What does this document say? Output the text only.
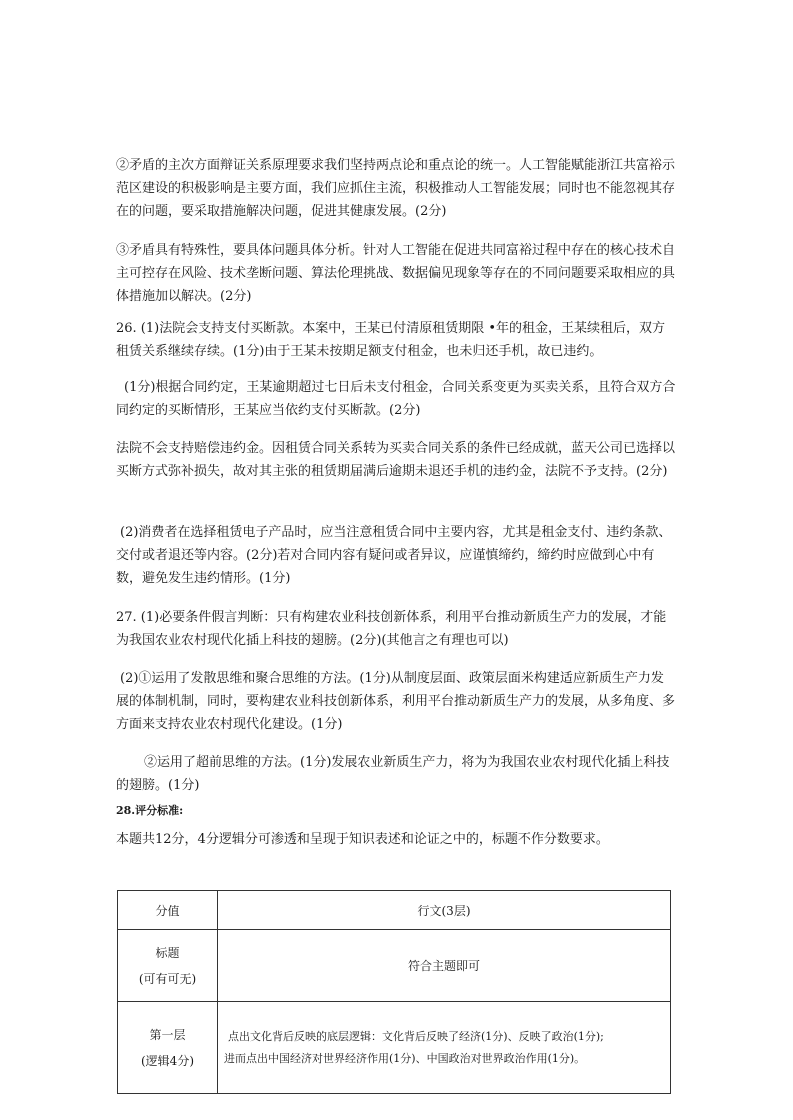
②矛盾的主次方面辩证关系原理要求我们坚持两点论和重点论的统一。人工智能赋能浙江共富裕示范区建设的积极影响是主要方面，我们应抓住主流，积极推动人工智能发展；同时也不能忽视其存在的问题，要采取措施解决问题，促进其健康发展。(2分)

③矛盾具有特殊性，要具体问题具体分析。针对人工智能在促进共同富裕过程中存在的核心技术自主可控存在风险、技术垄断问题、算法伦理挑战、数据偏见现象等存在的不同问题要采取相应的具体措施加以解决。(2分)

26. (1)法院会支持支付买断款。本案中，王某已付清原租赁期限 •年的租金，王某续租后，双方租赁关系继续存续。(1分)由于王某未按期足额支付租金，也未归还手机，故已违约。

(1分)根据合同约定，王某逾期超过七日后未支付租金，合同关系变更为买卖关系，且符合双方合同约定的买断情形，王某应当依约支付买断款。(2分)

法院不会支持赔偿违约金。因租赁合同关系转为买卖合同关系的条件已经成就，蓝天公司已选择以买断方式弥补损失，故对其主张的租赁期届满后逾期未退还手机的违约金，法院不予支持。(2分)

(2)消费者在选择租赁电子产品时，应当注意租赁合同中主要内容，尤其是租金支付、违约条款、交付或者退还等内容。(2分)若对合同内容有疑问或者异议，应谨慎缔约，缔约时应做到心中有数，避免发生违约情形。(1分)

27. (1)必要条件假言判断：只有构建农业科技创新体系，利用平台推动新质生产力的发展，才能为我国农业农村现代化插上科技的翅膀。(2分)(其他言之有理也可以)

(2)①运用了发散思维和聚合思维的方法。(1分)从制度层面、政策层面米构建适应新质生产力发展的体制机制，同时，要构建农业科技创新体系，利用平台推动新质生产力的发展，从多角度、多方面来支持农业农村现代化建设。(1分)

②运用了超前思维的方法。(1分)发展农业新质生产力，将为为我国农业农村现代化插上科技的翅膀。(1分)

28.评分标准:

本题共12分，4分逻辑分可渗透和呈现于知识表述和论证之中的，标题不作分数要求。

分值	行文(3层)

标题
(可有可无)	符合主题即可

第一层
(逻辑4分)	点出文化背后反映的底层逻辑：文化背后反映了经济(1分)、反映了政治(1分);
进而点出中国经济对世界经济作用(1分)、中国政治对世界政治作用(1分)。
